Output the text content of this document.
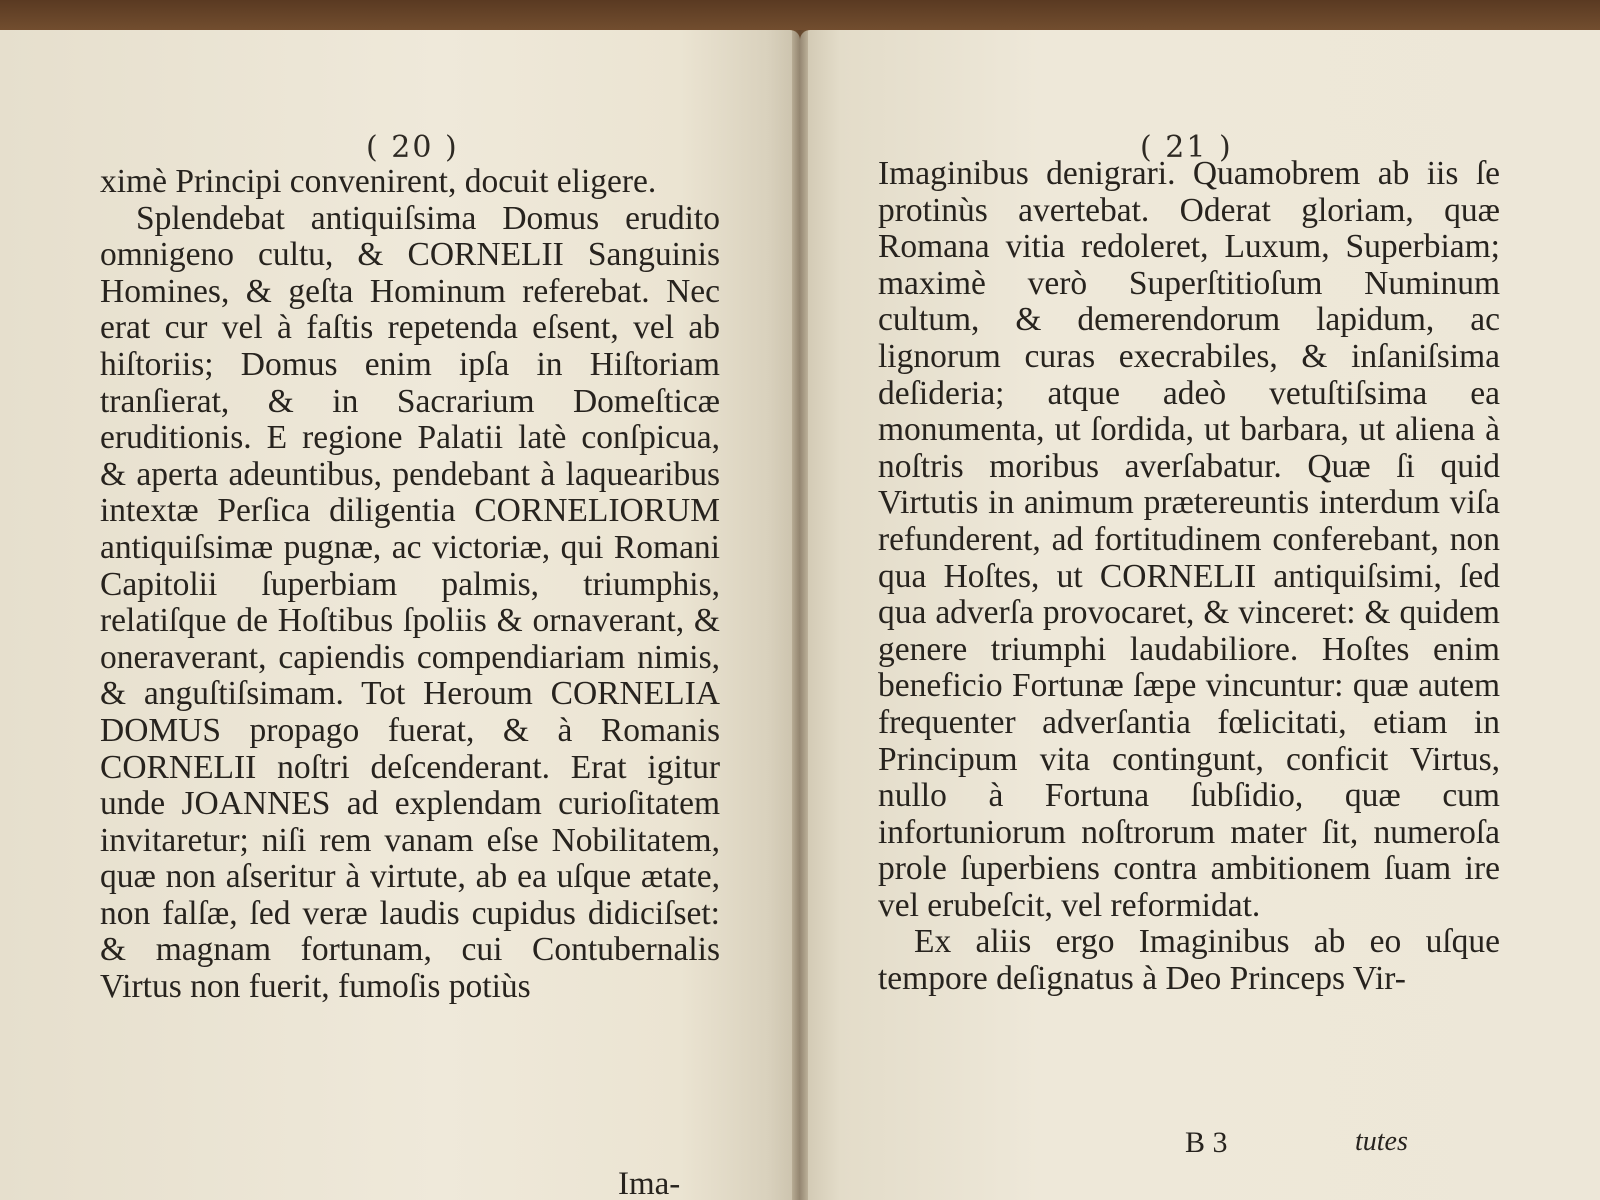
( 20 )

ximè Principi convenirent, docuit eligere.

Splendebat antiquiſsima Domus erudito omnigeno cultu, & CORNELII Sanguinis Homines, & geſta Hominum referebat. Nec erat cur vel à faſtis repetenda eſsent, vel ab hiſtoriis; Domus enim ipſa in Hiſtoriam tranſierat, & in Sacrarium Domeſticæ eruditionis. E regione Palatii latè conſpicua, & aperta adeuntibus, pendebant à laquearibus intextæ Perſica diligentia CORNELIORUM antiquiſsimæ pugnæ, ac victoriæ, qui Romani Capitolii ſuperbiam palmis, triumphis, relatiſque de Hoſtibus ſpoliis & ornaverant, & oneraverant, capiendis compendiariam nimis, & anguſtiſsimam. Tot Heroum CORNELIA DOMUS propago fuerat, & à Romanis CORNELII noſtri deſcenderant. Erat igitur unde JOANNES ad explendam curioſitatem invitaretur; niſi rem vanam eſse Nobilitatem, quæ non aſseritur à virtute, ab ea uſque ætate, non falſæ, ſed veræ laudis cupidus didiciſset: & magnam fortunam, cui Contubernalis Virtus non fuerit, fumoſis potiùs

Ima-
( 21 )

Imaginibus denigrari. Quamobrem ab iis ſe protinùs avertebat. Oderat gloriam, quæ Romana vitia redoleret, Luxum, Superbiam; maximè verò Superſtitioſum Numinum cultum, & demerendorum lapidum, ac lignorum curas execrabiles, & inſaniſsima deſideria; atque adeò vetuſtiſsima ea monumenta, ut ſordida, ut barbara, ut aliena à noſtris moribus averſabatur. Quæ ſi quid Virtutis in animum prætereuntis interdum viſa refunderent, ad fortitudinem conferebant, non qua Hoſtes, ut CORNELII antiquiſsimi, ſed qua adverſa provocaret, & vinceret: & quidem genere triumphi laudabiliore. Hoſtes enim beneficio Fortunæ ſæpe vincuntur: quæ autem frequenter adverſantia fœlicitati, etiam in Principum vita contingunt, conficit Virtus, nullo à Fortuna ſubſidio, quæ cum infortuniorum noſtrorum mater ſit, numeroſa prole ſuperbiens contra ambitionem ſuam ire vel erubeſcit, vel reformidat.

Ex aliis ergo Imaginibus ab eo uſque tempore deſignatus à Deo Princeps Vir-

B 3	tutes
